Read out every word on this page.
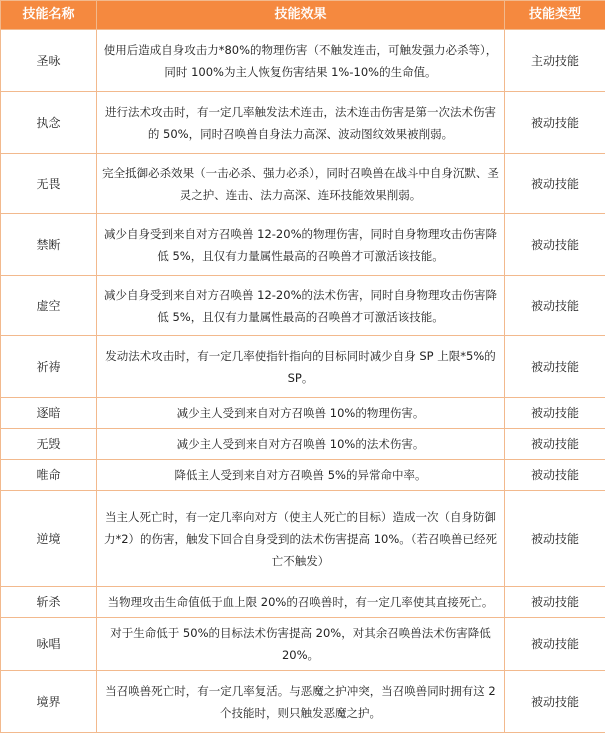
技能名称	技能效果	技能类型
圣咏	使用后造成自身攻击力*80%的物理伤害（不触发连击，可触发强力必杀等），同时 100%为主人恢复伤害结果 1%-10%的生命值。	主动技能
执念	进行法术攻击时，有一定几率触发法术连击，法术连击伤害是第一次法术伤害的 50%，同时召唤兽自身法力高深、波动图纹效果被削弱。	被动技能
无畏	完全抵御必杀效果（一击必杀、强力必杀），同时召唤兽在战斗中自身沉默、圣灵之护、连击、法力高深、连环技能效果削弱。	被动技能
禁断	减少自身受到来自对方召唤兽 12-20%的物理伤害，同时自身物理攻击伤害降低 5%，且仅有力量属性最高的召唤兽才可激活该技能。	被动技能
虚空	减少自身受到来自对方召唤兽 12-20%的法术伤害，同时自身物理攻击伤害降低 5%，且仅有力量属性最高的召唤兽才可激活该技能。	被动技能
祈祷	发动法术攻击时，有一定几率使指针指向的目标同时减少自身 SP 上限*5%的 SP。	被动技能
逐暗	减少主人受到来自对方召唤兽 10%的物理伤害。	被动技能
无毁	减少主人受到来自对方召唤兽 10%的法术伤害。	被动技能
唯命	降低主人受到来自对方召唤兽 5%的异常命中率。	被动技能
逆境	当主人死亡时，有一定几率向对方（使主人死亡的目标）造成一次（自身防御力*2）的伤害，触发下回合自身受到的法术伤害提高 10%。（若召唤兽已经死亡不触发）	被动技能
斩杀	当物理攻击生命值低于血上限 20%的召唤兽时，有一定几率使其直接死亡。	被动技能
咏唱	对于生命低于 50%的目标法术伤害提高 20%，对其余召唤兽法术伤害降低 20%。	被动技能
境界	当召唤兽死亡时，有一定几率复活。与恶魔之护冲突，当召唤兽同时拥有这 2 个技能时，则只触发恶魔之护。	被动技能
